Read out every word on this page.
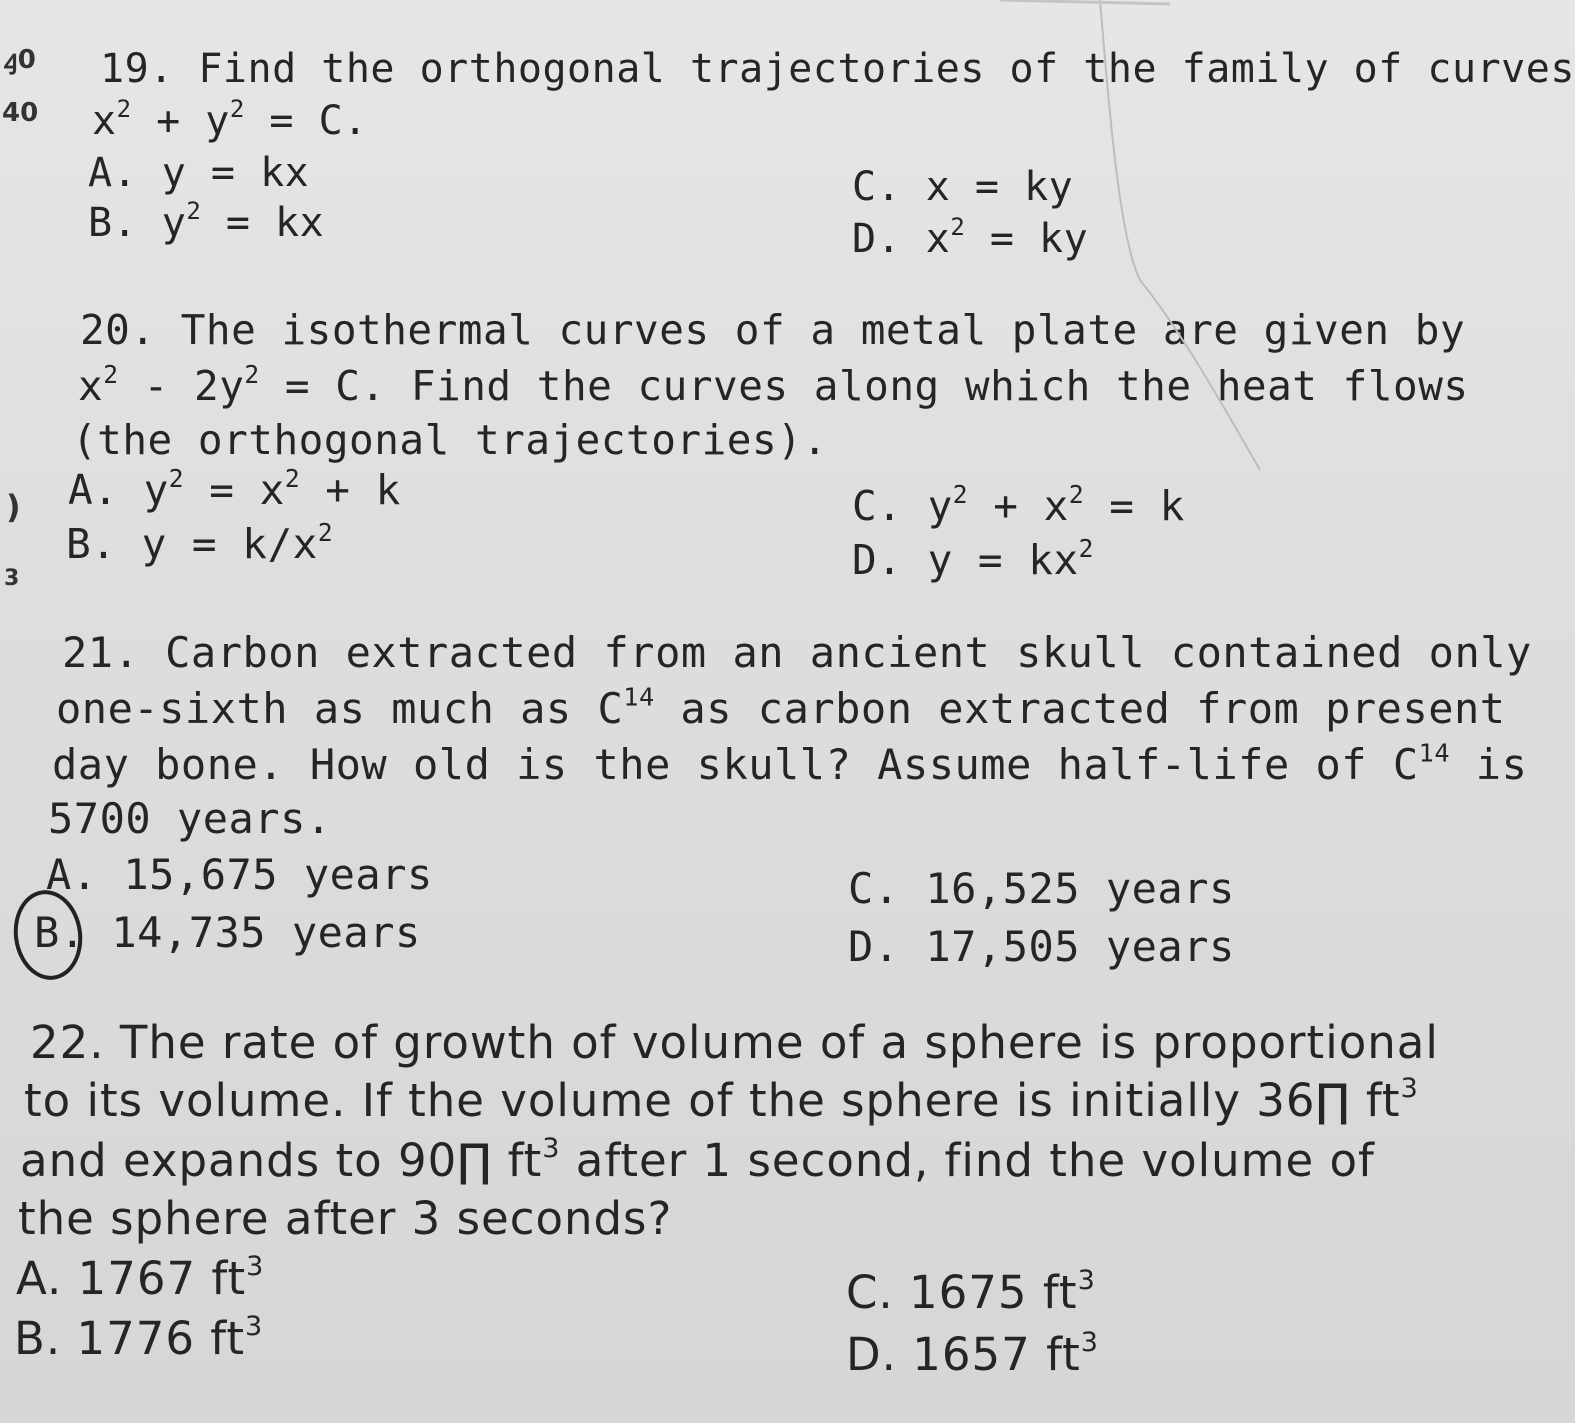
ꜭ0
40
)
3
19. Find the orthogonal trajectories of the family of curves
$x^2 + y^2 = C$.
A. y = kx
B. $y^2$ = kx
C. x = ky
D. $x^2$ = ky
20. The isothermal curves of a metal plate are given by
$x^2 - 2y^2 = C$. Find the curves along which the heat flows
(the orthogonal trajectories).
A. $y^2 = x^2 + k$
B. $y = k/x^2$
C. $y^2 + x^2 = k$
D. $y = kx^2$
21. Carbon extracted from an ancient skull contained only
one-sixth as much as $C^{14}$ as carbon extracted from present
day bone. How old is the skull? Assume half-life of $C^{14}$ is
5700 years.
A. 15,675 years
B. 14,735 years
C. 16,525 years
D. 17,505 years
22. The rate of growth of volume of a sphere is proportional
to its volume. If the volume of the sphere is initially 36∏ $ft^3$
and expands to 90∏ $ft^3$ after 1 second, find the volume of
the sphere after 3 seconds?
A. 1767 $ft^3$
B. 1776 $ft^3$
C. 1675 $ft^3$
D. 1657 $ft^3$
